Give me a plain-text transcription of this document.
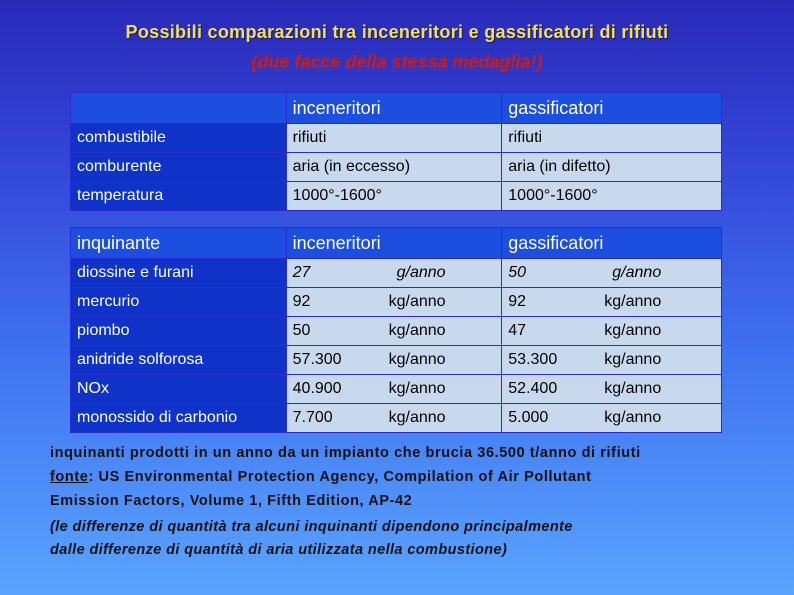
Possibili comparazioni tra inceneritori e gassificatori di rifiuti
(due facce della stessa medaglia!)
	inceneritori	gassificatori
combustibile	rifiuti	rifiuti
comburente	aria (in eccesso)	aria (in difetto)
temperatura	1000°-1600°	1000°-1600°
inquinante	inceneritori	gassificatori
diossine e furani	27 g/anno	50 g/anno
mercurio	92 kg/anno	92 kg/anno
piombo	50 kg/anno	47 kg/anno
anidride solforosa	57.300 kg/anno	53.300 kg/anno
NOx	40.900 kg/anno	52.400 kg/anno
monossido di carbonio	7.700 kg/anno	5.000 kg/anno
inquinanti prodotti in un anno da un impianto che brucia 36.500 t/anno di rifiuti
fonte: US Environmental Protection Agency, Compilation of Air Pollutant
Emission Factors, Volume 1, Fifth Edition, AP-42
(le differenze di quantità tra alcuni inquinanti dipendono principalmente
dalle differenze di quantità di aria utilizzata nella combustione)
